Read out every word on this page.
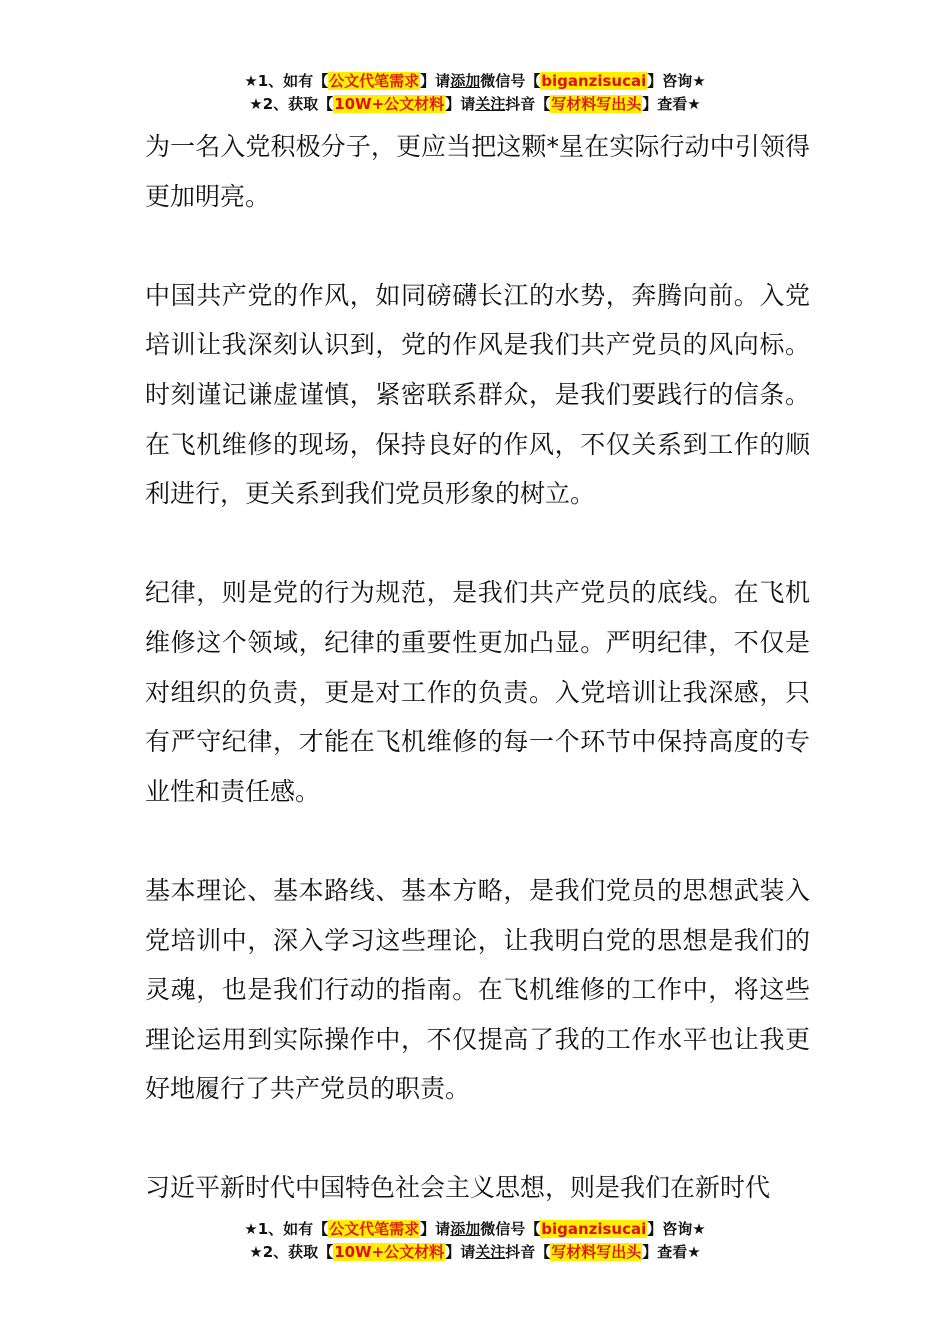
★1、如有【公文代笔需求】请添加微信号【biganzisucai】咨询★
★2、获取【10W+公文材料】请关注抖音【写材料写出头】查看★

为一名入党积极分子，更应当把这颗*星在实际行动中引领得更加明亮。

中国共产党的作风，如同磅礴长江的水势，奔腾向前。入党培训让我深刻认识到，党的作风是我们共产党员的风向标。时刻谨记谦虚谨慎，紧密联系群众，是我们要践行的信条。在飞机维修的现场，保持良好的作风，不仅关系到工作的顺利进行，更关系到我们党员形象的树立。

纪律，则是党的行为规范，是我们共产党员的底线。在飞机维修这个领域，纪律的重要性更加凸显。严明纪律，不仅是对组织的负责，更是对工作的负责。入党培训让我深感，只有严守纪律，才能在飞机维修的每一个环节中保持高度的专业性和责任感。

基本理论、基本路线、基本方略，是我们党员的思想武装入党培训中，深入学习这些理论，让我明白党的思想是我们的灵魂，也是我们行动的指南。在飞机维修的工作中，将这些理论运用到实际操作中，不仅提高了我的工作水平也让我更好地履行了共产党员的职责。

习近平新时代中国特色社会主义思想，则是我们在新时代

★1、如有【公文代笔需求】请添加微信号【biganzisucai】咨询★
★2、获取【10W+公文材料】请关注抖音【写材料写出头】查看★
